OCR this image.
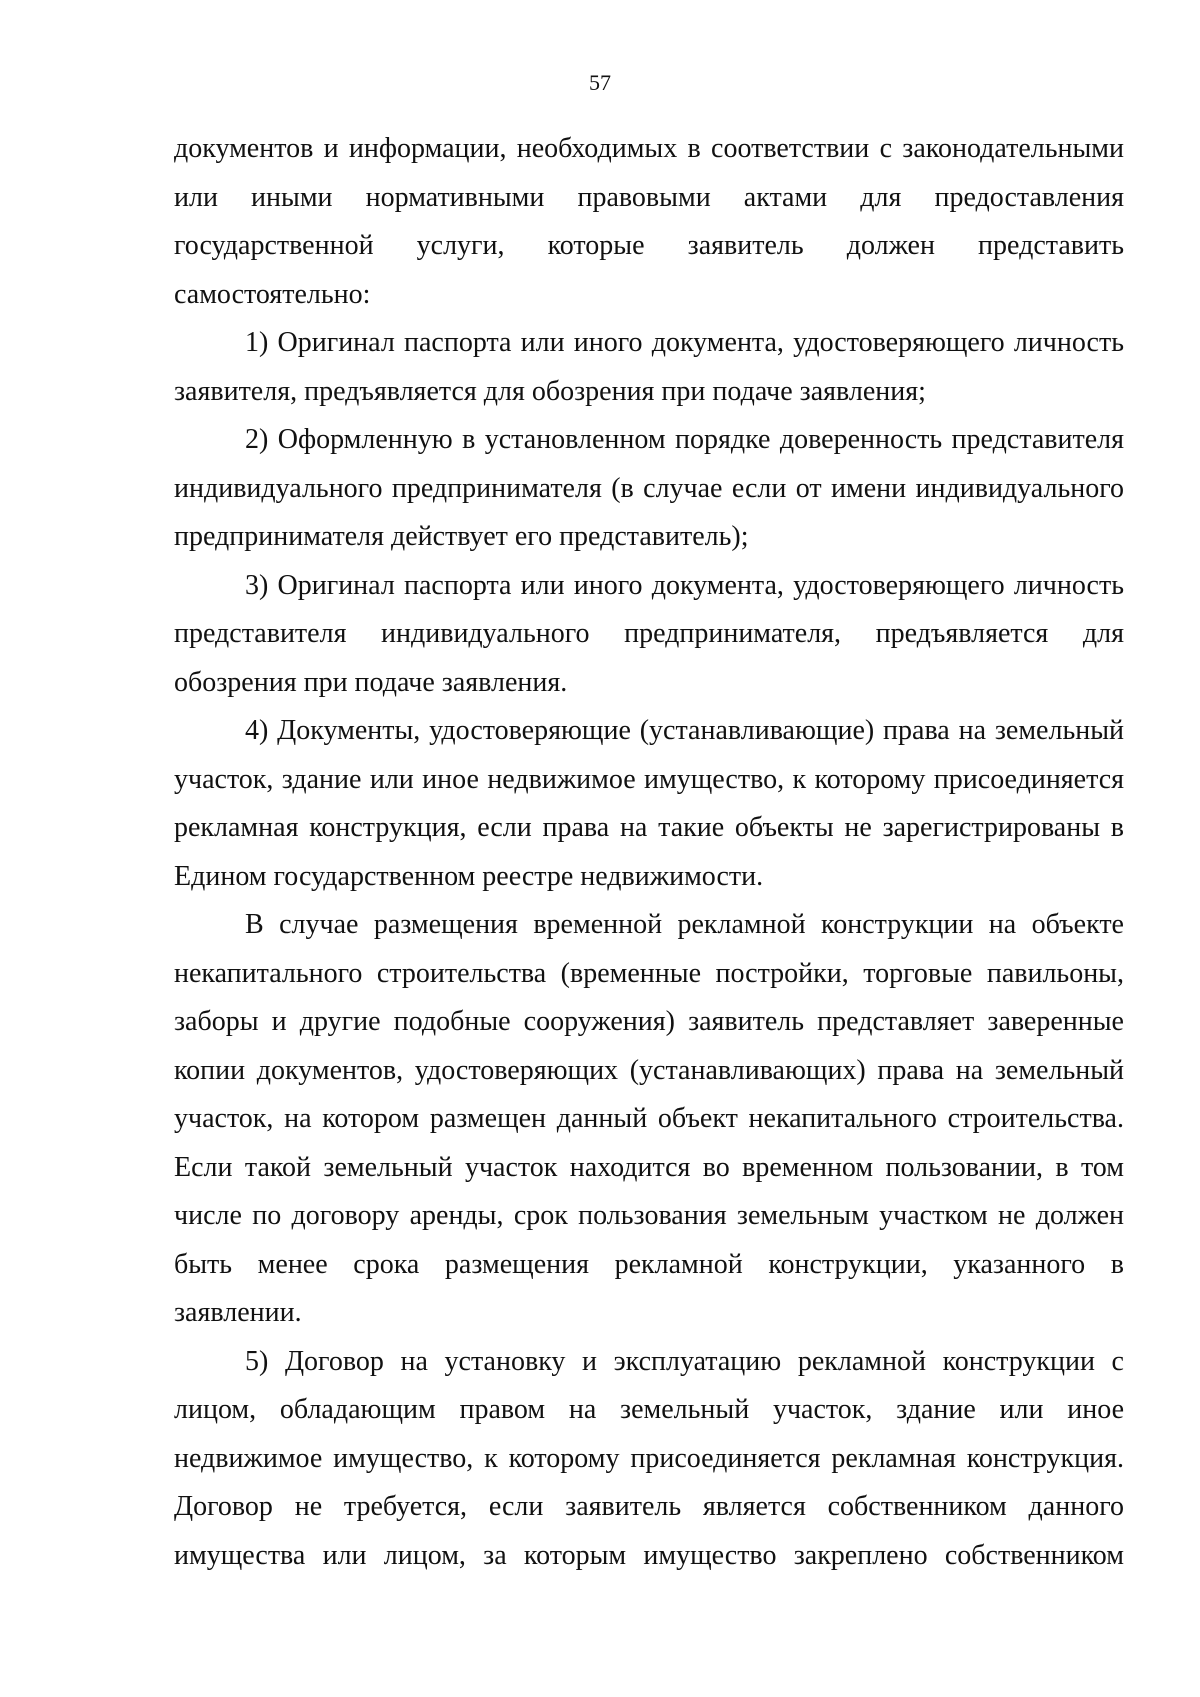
57

документов и информации, необходимых в соответствии с законодательными или иными нормативными правовыми актами для предоставления государственной услуги, которые заявитель должен представить самостоятельно:

1) Оригинал паспорта или иного документа, удостоверяющего личность заявителя, предъявляется для обозрения при подаче заявления;

2) Оформленную в установленном порядке доверенность представителя индивидуального предпринимателя (в случае если от имени индивидуального предпринимателя действует его представитель);

3) Оригинал паспорта или иного документа, удостоверяющего личность представителя индивидуального предпринимателя, предъявляется для обозрения при подаче заявления.

4) Документы, удостоверяющие (устанавливающие) права на земельный участок, здание или иное недвижимое имущество, к которому присоединяется рекламная конструкция, если права на такие объекты не зарегистрированы в Едином государственном реестре недвижимости.

В случае размещения временной рекламной конструкции на объекте некапитального строительства (временные постройки, торговые павильоны, заборы и другие подобные сооружения) заявитель представляет заверенные копии документов, удостоверяющих (устанавливающих) права на земельный участок, на котором размещен данный объект некапитального строительства. Если такой земельный участок находится во временном пользовании, в том числе по договору аренды, срок пользования земельным участком не должен быть менее срока размещения рекламной конструкции, указанного в заявлении.

5) Договор на установку и эксплуатацию рекламной конструкции с лицом, обладающим правом на земельный участок, здание или иное недвижимое имущество, к которому присоединяется рекламная конструкция. Договор не требуется, если заявитель является собственником данного имущества или лицом, за которым имущество закреплено собственником
